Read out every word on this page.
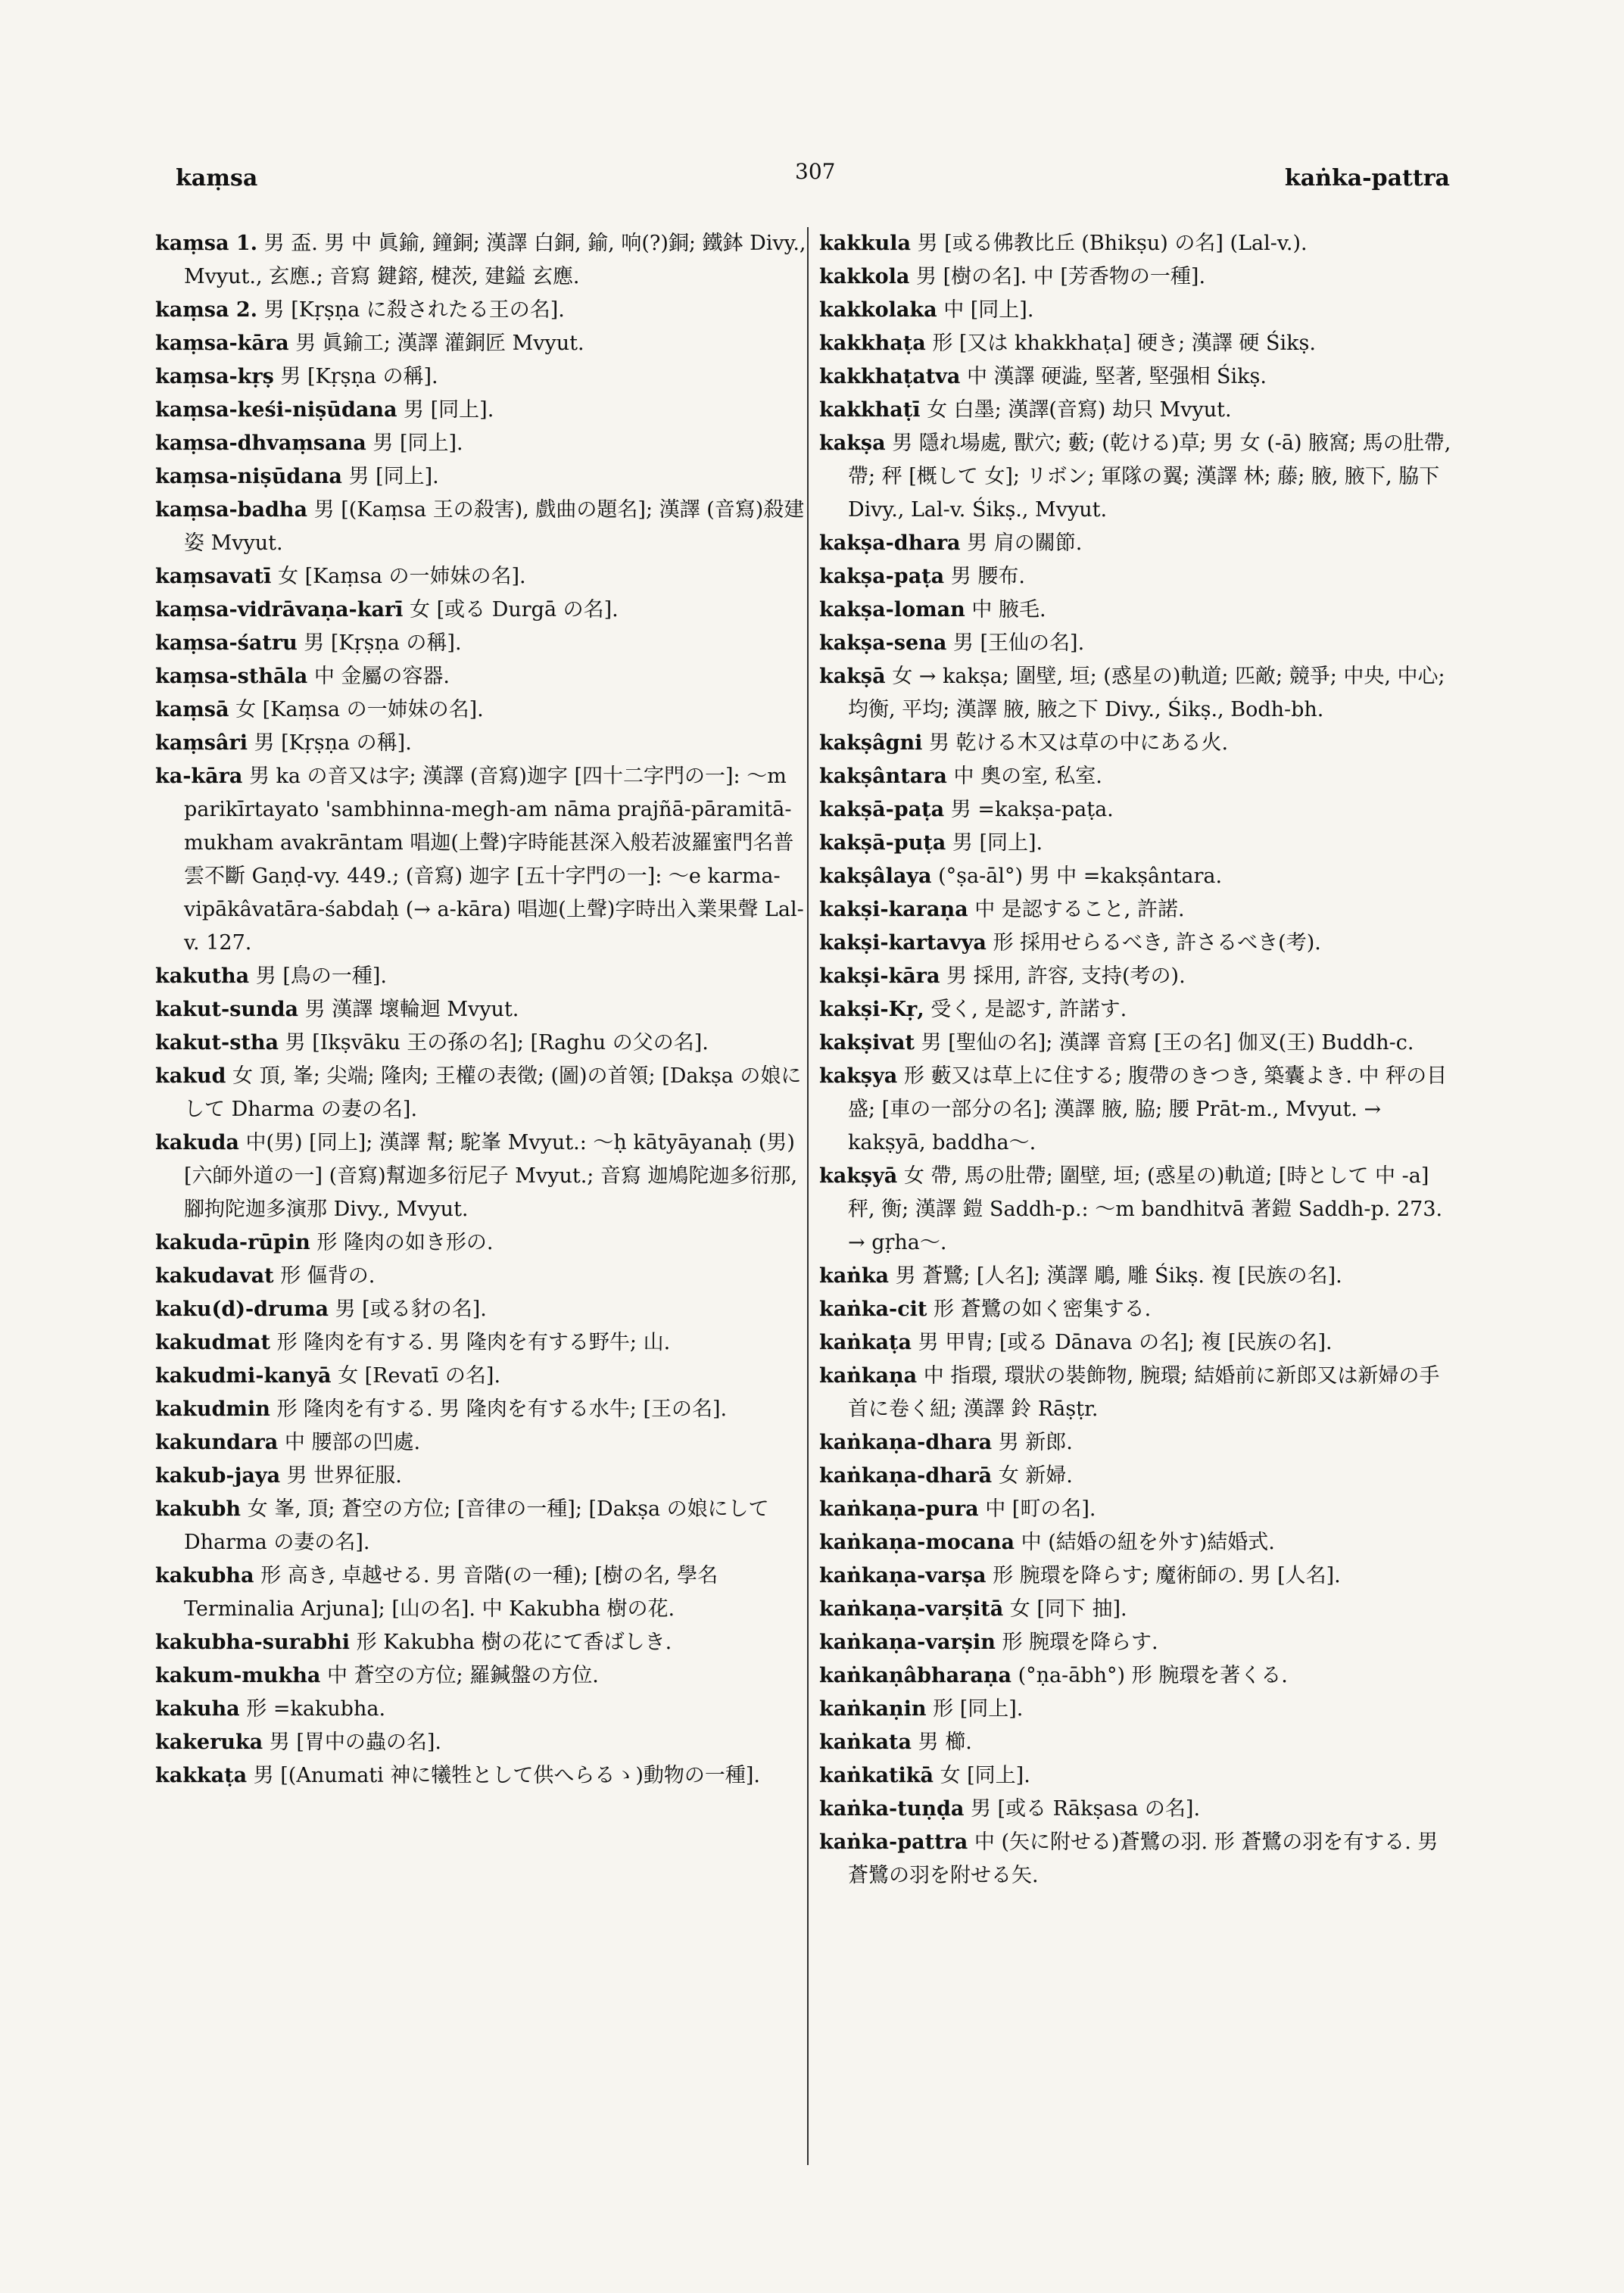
kaṃsa	307	kaṅka-pattra

kaṃsa 1. 男 盃. 男 中 眞鍮, 鐘銅; 漢譯 白銅, 鍮, 响(?)銅; 鐵鉢 Divy., Mvyut., 玄應.; 音寫 鍵鎔, 楗茨, 建鎰 玄應.

kaṃsa 2. 男 [Kṛṣṇa に殺されたる王の名].

kaṃsa-kāra 男 眞鍮工; 漢譯 灌銅匠 Mvyut.

kaṃsa-kṛṣ 男 [Kṛṣṇa の稱].

kaṃsa-keśi-niṣūdana 男 [同上].

kaṃsa-dhvaṃsana 男 [同上].

kaṃsa-niṣūdana 男 [同上].

kaṃsa-badha 男 [(Kaṃsa 王の殺害), 戲曲の題名]; 漢譯 (音寫)殺建姿 Mvyut.

kaṃsavatī 女 [Kaṃsa の一姉妹の名].

kaṃsa-vidrāvaṇa-karī 女 [或る Durgā の名].

kaṃsa-śatru 男 [Kṛṣṇa の稱].

kaṃsa-sthāla 中 金屬の容器.

kaṃsā 女 [Kaṃsa の一姉妹の名].

kaṃsâri 男 [Kṛṣṇa の稱].

ka-kāra 男 ka の音又は字; 漢譯 (音寫)迦字 [四十二字門の一]: ～m parikīrtayato 'sambhinna-megh-am nāma prajñā-pāramitā-mukham avakrāntam 唱迦(上聲)字時能甚深入般若波羅蜜門名普雲不斷 Gaṇḍ-vy. 449.; (音寫) 迦字 [五十字門の一]: ～e karma-vipākâvatāra-śabdaḥ (→ a-kāra) 唱迦(上聲)字時出入業果聲 Lal-v. 127.

kakutha 男 [鳥の一種].

kakut-sunda 男 漢譯 壞輪迴 Mvyut.

kakut-stha 男 [Ikṣvāku 王の孫の名]; [Raghu の父の名].

kakud 女 頂, 峯; 尖端; 隆肉; 王權の表徵; (圖)の首領; [Dakṣa の娘にして Dharma の妻の名].

kakuda 中(男) [同上]; 漢譯 幫; 駝峯 Mvyut.: ～ḥ kātyāyanaḥ (男) [六師外道の一] (音寫)幫迦多衍尼子 Mvyut.; 音寫 迦鳩陀迦多衍那, 腳拘陀迦多演那 Divy., Mvyut.

kakuda-rūpin 形 隆肉の如き形の.

kakudavat 形 傴背の.

kaku(d)-druma 男 [或る豺の名].

kakudmat 形 隆肉を有する. 男 隆肉を有する野牛; 山.

kakudmi-kanyā 女 [Revatī の名].

kakudmin 形 隆肉を有する. 男 隆肉を有する水牛; [王の名].

kakundara 中 腰部の凹處.

kakub-jaya 男 世界征服.

kakubh 女 峯, 頂; 蒼空の方位; [音律の一種]; [Dakṣa の娘にして Dharma の妻の名].

kakubha 形 高き, 卓越せる. 男 音階(の一種); [樹の名, 學名 Terminalia Arjuna]; [山の名]. 中 Kakubha 樹の花.

kakubha-surabhi 形 Kakubha 樹の花にて香ばしき.

kakum-mukha 中 蒼空の方位; 羅鍼盤の方位.

kakuha 形 =kakubha.

kakeruka 男 [胃中の蟲の名].

kakkaṭa 男 [(Anumati 神に犧牲として供へらるゝ)動物の一種].

kakkula 男 [或る佛教比丘 (Bhikṣu) の名] (Lal-v.).

kakkola 男 [樹の名]. 中 [芳香物の一種].

kakkolaka 中 [同上].

kakkhaṭa 形 [又は khakkhaṭa] 硬き; 漢譯 硬 Śikṣ.

kakkhaṭatva 中 漢譯 硬澁, 堅著, 堅强相 Śikṣ.

kakkhaṭī 女 白墨; 漢譯(音寫) 劫只 Mvyut.

kakṣa 男 隱れ場處, 獸穴; 藪; (乾ける)草; 男 女 (-ā) 腋窩; 馬の肚帶, 帶; 秤 [概して 女]; リボン; 軍隊の翼; 漢譯 林; 藤; 腋, 腋下, 脇下 Divy., Lal-v. Śikṣ., Mvyut.

kakṣa-dhara 男 肩の關節.

kakṣa-paṭa 男 腰布.

kakṣa-loman 中 腋毛.

kakṣa-sena 男 [王仙の名].

kakṣā 女 → kakṣa; 圍壁, 垣; (惑星の)軌道; 匹敵; 競爭; 中央, 中心; 均衡, 平均; 漢譯 腋, 腋之下 Divy., Śikṣ., Bodh-bh.

kakṣâgni 男 乾ける木又は草の中にある火.

kakṣântara 中 奧の室, 私室.

kakṣā-paṭa 男 =kakṣa-paṭa.

kakṣā-puṭa 男 [同上].

kakṣâlaya (°ṣa-āl°) 男 中 =kakṣântara.

kakṣi-karaṇa 中 是認すること, 許諾.

kakṣi-kartavya 形 採用せらるべき, 許さるべき(考).

kakṣi-kāra 男 採用, 許容, 支持(考の).

kakṣi-Kṛ, 受く, 是認す, 許諾す.

kakṣivat 男 [聖仙の名]; 漢譯 音寫 [王の名] 伽叉(王) Buddh-c.

kakṣya 形 藪又は草上に住する; 腹帶のきつき, 築囊よき. 中 秤の目盛; [車の一部分の名]; 漢譯 腋, 脇; 腰 Prāt-m., Mvyut. → kakṣyā, baddha～.

kakṣyā 女 帶, 馬の肚帶; 圍壁, 垣; (惑星の)軌道; [時として 中 -a] 秤, 衡; 漢譯 鎧 Saddh-p.: ～m bandhitvā 著鎧 Saddh-p. 273. → gṛha～.

kaṅka 男 蒼鷺; [人名]; 漢譯 鵰, 雕 Śikṣ. 複 [民族の名].

kaṅka-cit 形 蒼鷺の如く密集する.

kaṅkaṭa 男 甲冑; [或る Dānava の名]; 複 [民族の名].

kaṅkaṇa 中 指環, 環狀の裝飾物, 腕環; 結婚前に新郎又は新婦の手首に卷く紐; 漢譯 鈴 Rāṣṭr.

kaṅkaṇa-dhara 男 新郎.

kaṅkaṇa-dharā 女 新婦.

kaṅkaṇa-pura 中 [町の名].

kaṅkaṇa-mocana 中 (結婚の紐を外す)結婚式.

kaṅkaṇa-varṣa 形 腕環を降らす; 魔術師の. 男 [人名].

kaṅkaṇa-varṣitā 女 [同下 抽].

kaṅkaṇa-varṣin 形 腕環を降らす.

kaṅkaṇâbharaṇa (°ṇa-ābh°) 形 腕環を著くる.

kaṅkaṇin 形 [同上].

kaṅkata 男 櫛.

kaṅkatikā 女 [同上].

kaṅka-tuṇḍa 男 [或る Rākṣasa の名].

kaṅka-pattra 中 (矢に附せる)蒼鷺の羽. 形 蒼鷺の羽を有する. 男 蒼鷺の羽を附せる矢.
